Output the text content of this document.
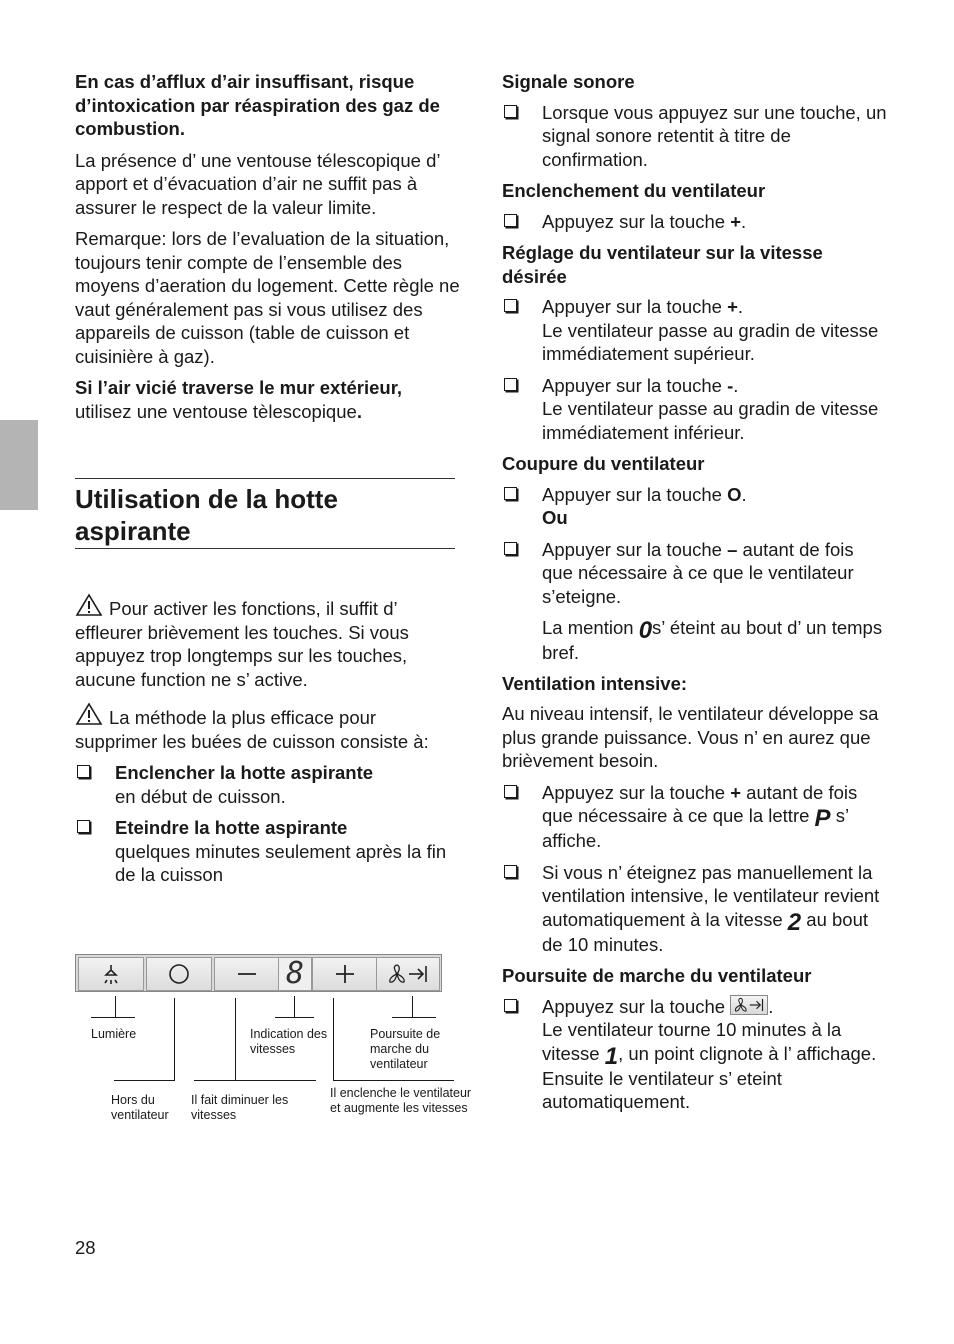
En cas d’afflux d’air insuffisant, risque d’intoxication par réaspiration des gaz de combustion.

La présence d’ une ventouse télescopique d’ apport et d’évacuation d’air ne suffit pas à assurer le respect de la valeur limite.

Remarque: lors de l’evaluation de la situation, toujours tenir compte de l’ensemble des moyens d’aeration du logement. Cette règle ne vaut généralement pas si vous utilisez des appareils de cuisson (table de cuisson et cuisinière à gaz).

Si l’air vicié traverse le mur extérieur, utilisez une ventouse tèlescopique.

Utilisation de la hotte aspirante

Pour activer les fonctions, il suffit d’ effleurer brièvement les touches. Si vous appuyez trop longtemps sur les touches, aucune function ne s’ active.

La méthode la plus efficace pour supprimer les buées de cuisson consiste à:

Enclencher la hotte aspirante
en début de cuisson.
Eteindre la hotte aspirante
quelques minutes seulement après la fin de la cuisson
8
Lumière	Indication des vitesses
Poursuite de marche du ventilateur
Hors du ventilateur
Il fait diminuer les vitesses
Il enclenche le ventilateur et augmente les vitesses

Signale sonore

Lorsque vous appuyez sur une touche, un signal sonore retentit à titre de confirmation.

Enclenchement du ventilateur

Appuyez sur la touche +.

Réglage du ventilateur sur la vitesse désirée

Appuyer sur la touche +.
Le ventilateur passe au gradin de vitesse immédiatement supérieur.
Appuyer sur la touche -.
Le ventilateur passe au gradin de vitesse immédiatement inférieur.

Coupure du ventilateur

Appuyer sur la touche O.
Ou
Appuyer sur la touche – autant de fois que nécessaire à ce que le ventilateur s’eteigne.

La mention 0s’ éteint au bout d’ un temps bref.

Ventilation intensive:

Au niveau intensif, le ventilateur développe sa plus grande puissance. Vous n’ en aurez que brièvement besoin.

Appuyez sur la touche + autant de fois que nécessaire à ce que la lettre P s’ affiche.
Si vous n’ éteignez pas manuellement la ventilation intensive, le ventilateur revient automatiquement à la vitesse 2 au bout de 10 minutes.

Poursuite de marche du ventilateur

Appuyez sur la touche
.
Le ventilateur tourne 10 minutes à la vitesse 1, un point clignote à l’ affichage. Ensuite le ventilateur s’ eteint automatiquement.
28
